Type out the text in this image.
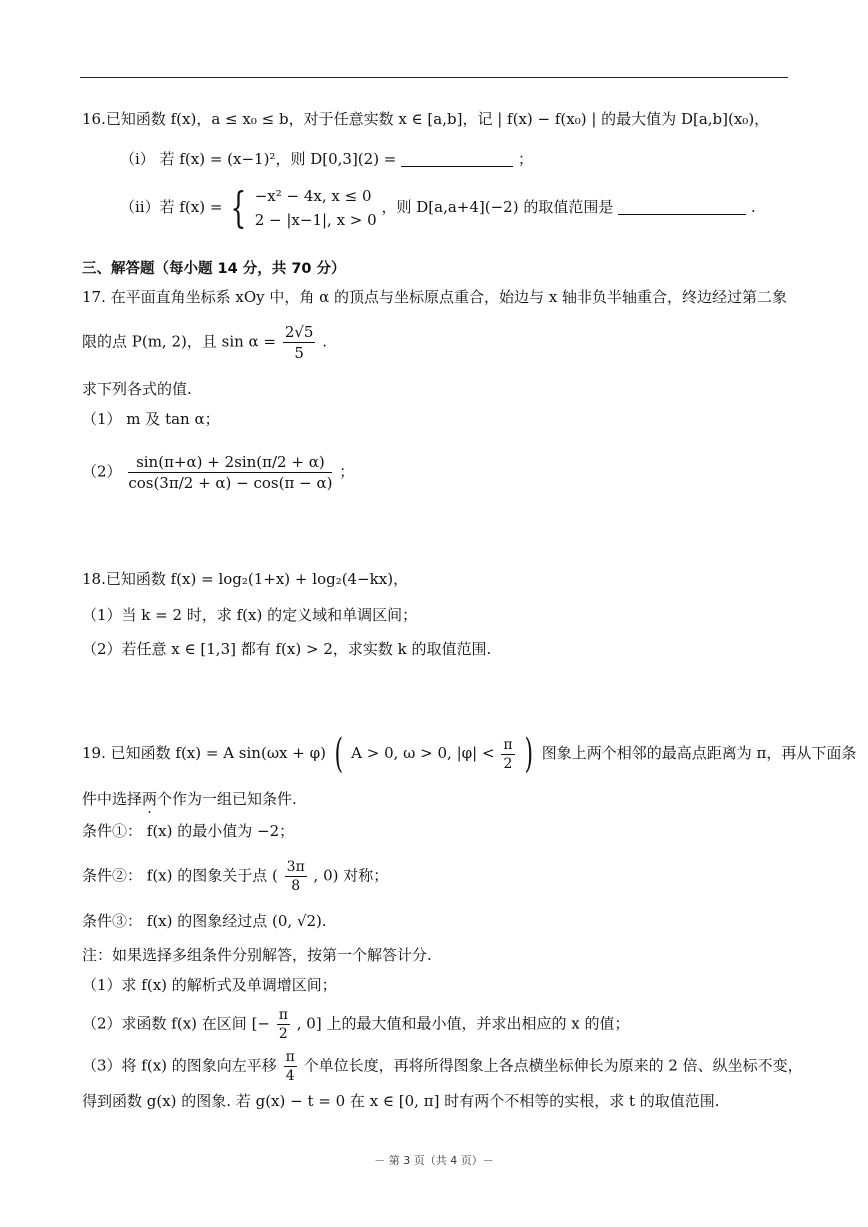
16.已知函数 f(x)，a ≤ x₀ ≤ b，对于任意实数 x ∈ [a,b]，记 | f(x) − f(x₀) | 的最大值为 D[a,b](x₀)，
（i） 若 f(x) = (x−1)²，则 D[0,3](2) =	；
（ii）若 f(x) = { −x² − 4x, x ≤ 0
2 − |x−1|, x > 0
，则 D[a,a+4](−2) 的取值范围是	.
三、解答题（每小题 14 分，共 70 分）
17. 在平面直角坐标系 xOy 中，角 α 的顶点与坐标原点重合，始边与 x 轴非负半轴重合，终边经过第二象
限的点 P(m, 2)，且 $\sin \alpha = \frac{2√5}{5}$ .
求下列各式的值.
（1） m 及 tan α；
$(2) \frac{\sin(\pi+\alpha) + 2\sin(\pi/2 + \alpha)}{\cos(3\pi/2 + \alpha) - \cos(\pi - \alpha)}$ ；
18.已知函数 f(x) = log₂(1+x) + log₂(4−kx)，
（1）当 k = 2 时，求 f(x) 的定义域和单调区间；
（2）若任意 x ∈ [1,3] 都有 f(x) > 2，求实数 k 的取值范围.
19. 已知函数 f(x) = A sin(ωx + φ) ( A > 0, ω > 0, $|\varphi| < \frac{\pi}{2}$ ) 图象上两个相邻的最高点距离为 π，再从下面条
件中选择两个作为一组已知条件.
条件①： f(x) 的最小值为 −2；
条件②： f(x) 的图象关于点 ( $\frac{3\pi}{8}$ , 0) 对称；
条件③： f(x) 的图象经过点 (0, √2).
注：如果选择多组条件分别解答，按第一个解答计分.
（1）求 f(x) 的解析式及单调增区间；
（2）求函数 f(x) 在区间 [− $\frac{\pi}{2}$ , 0] 上的最大值和最小值，并求出相应的 x 的值；
（3）将 f(x) 的图象向左平移 $\frac{\pi}{4}$ 个单位长度，再将所得图象上各点横坐标伸长为原来的 2 倍、纵坐标不变，
得到函数 g(x) 的图象. 若 g(x) − t = 0 在 x ∈ [0, π] 时有两个不相等的实根，求 t 的取值范围.
－ 第 3 页（共 4 页）－
